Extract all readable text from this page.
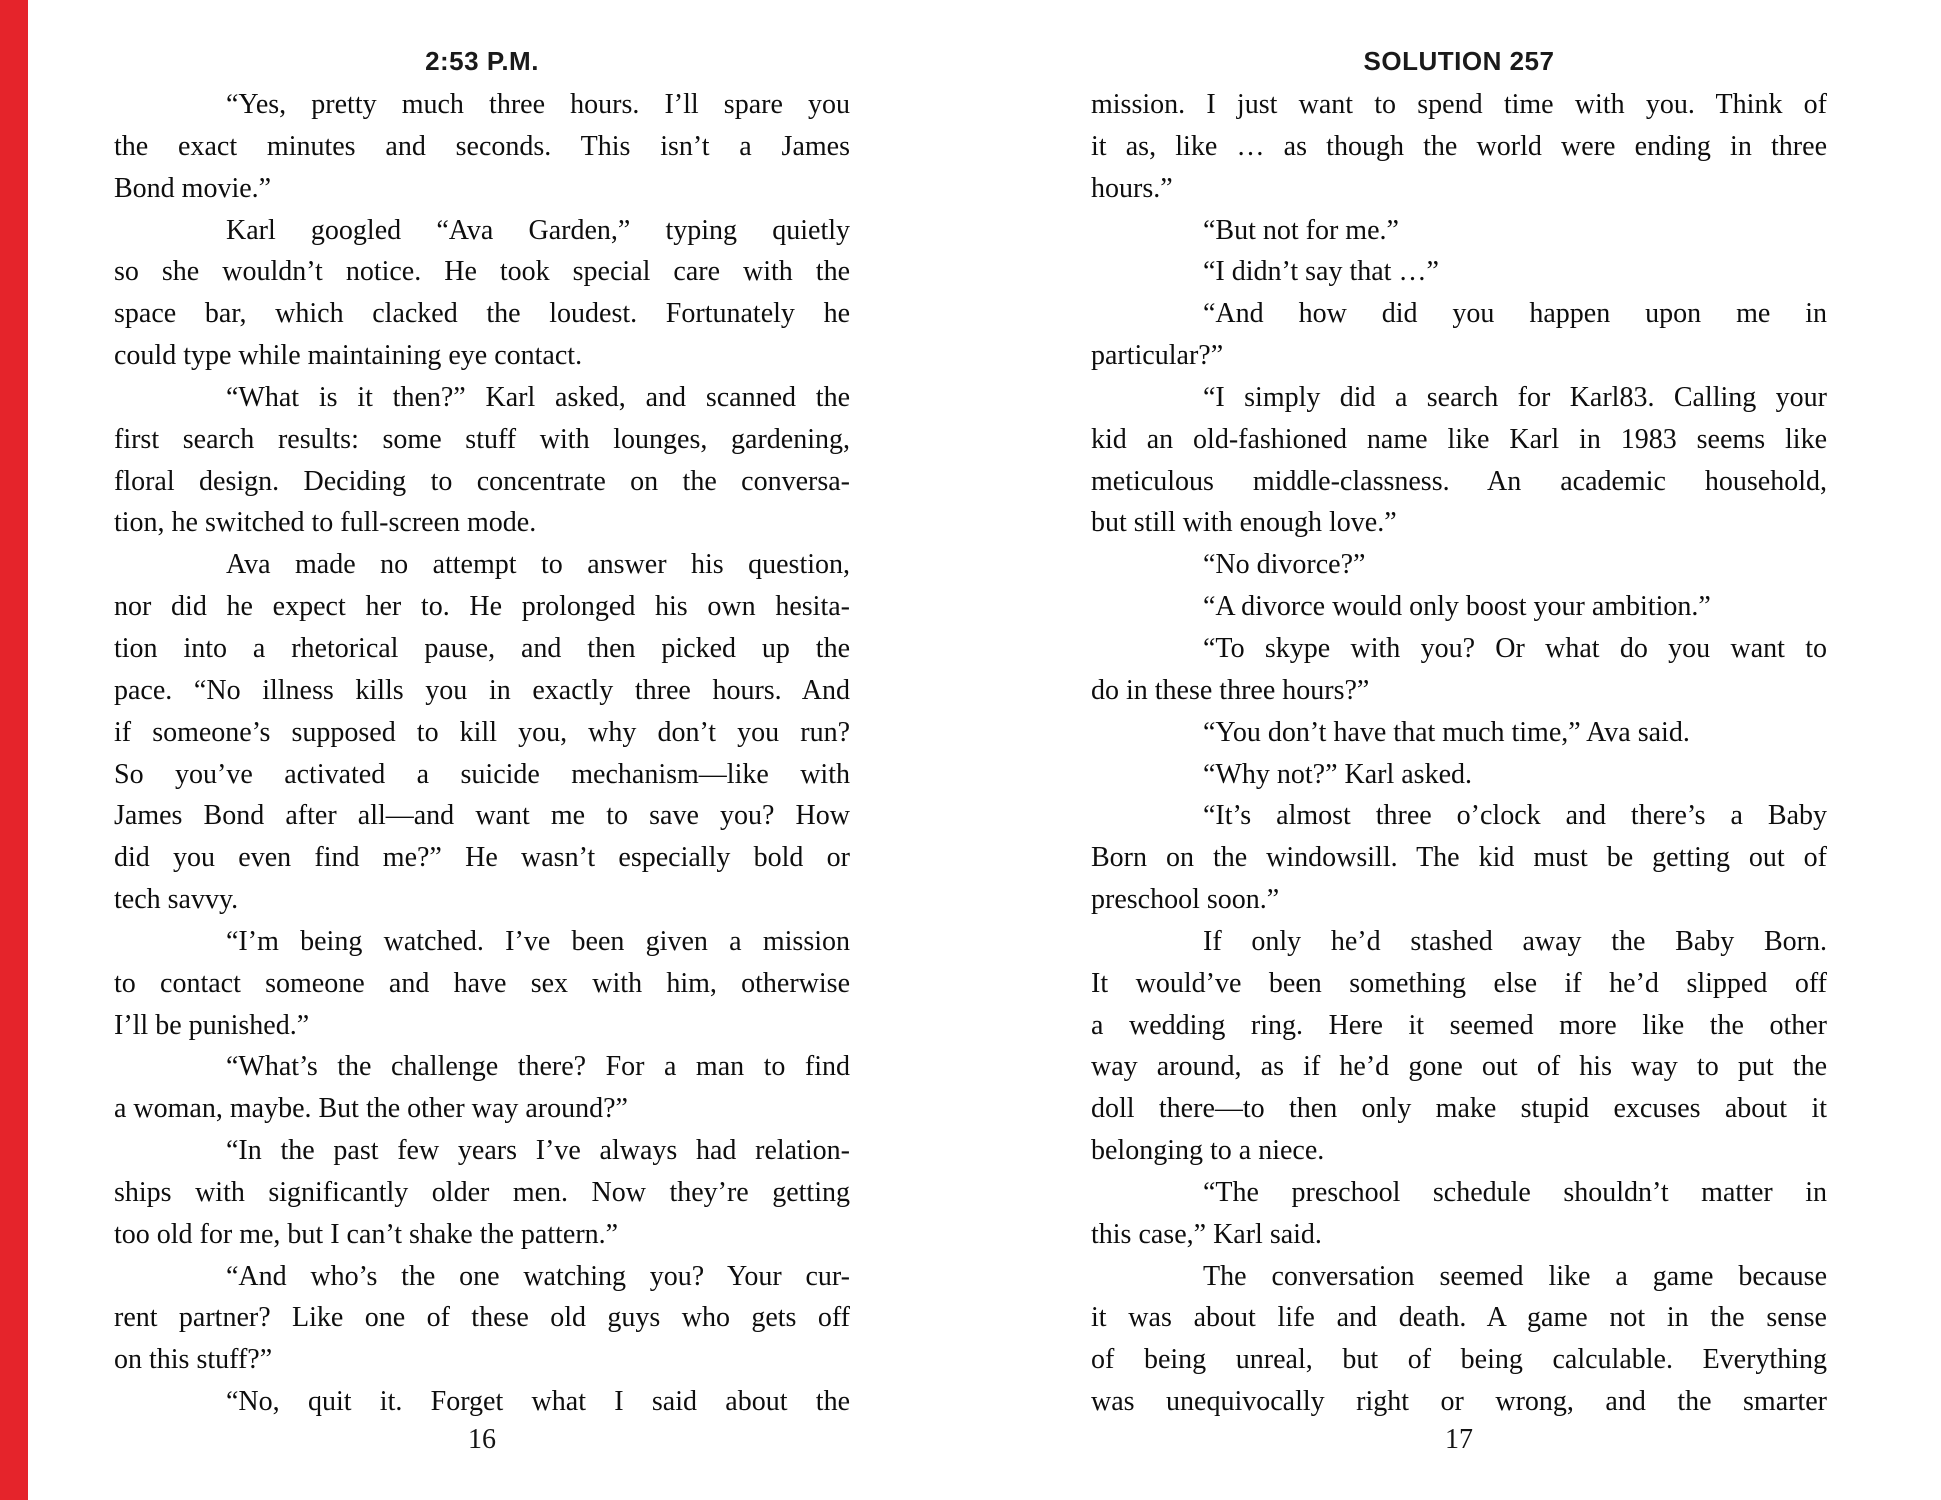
2:53 P.M.
“Yes, pretty much three hours. I’ll spare you
the exact minutes and seconds. This isn’t a James
Bond movie.”
Karl googled “Ava Garden,” typing quietly
so she wouldn’t notice. He took special care with the
space bar, which clacked the loudest. Fortunately he
could type while maintaining eye contact.
“What is it then?” Karl asked, and scanned the
first search results: some stuff with lounges, gardening,
floral design. Deciding to concentrate on the conversa-
tion, he switched to full-screen mode.
Ava made no attempt to answer his question,
nor did he expect her to. He prolonged his own hesita-
tion into a rhetorical pause, and then picked up the
pace. “No illness kills you in exactly three hours. And
if someone’s supposed to kill you, why don’t you run?
So you’ve activated a suicide mechanism—like with
James Bond after all—and want me to save you? How
did you even find me?” He wasn’t especially bold or
tech savvy.
“I’m being watched. I’ve been given a mission
to contact someone and have sex with him, otherwise
I’ll be punished.”
“What’s the challenge there? For a man to find
a woman, maybe. But the other way around?”
“In the past few years I’ve always had relation-
ships with significantly older men. Now they’re getting
too old for me, but I can’t shake the pattern.”
“And who’s the one watching you? Your cur-
rent partner? Like one of these old guys who gets off
on this stuff?”
“No, quit it. Forget what I said about the
16
SOLUTION 257
mission. I just want to spend time with you. Think of
it as, like … as though the world were ending in three
hours.”
“But not for me.”
“I didn’t say that …”
“And how did you happen upon me in
particular?”
“I simply did a search for Karl83. Calling your
kid an old-fashioned name like Karl in 1983 seems like
meticulous middle-classness. An academic household,
but still with enough love.”
“No divorce?”
“A divorce would only boost your ambition.”
“To skype with you? Or what do you want to
do in these three hours?”
“You don’t have that much time,” Ava said.
“Why not?” Karl asked.
“It’s almost three o’clock and there’s a Baby
Born on the windowsill. The kid must be getting out of
preschool soon.”
If only he’d stashed away the Baby Born.
It would’ve been something else if he’d slipped off
a wedding ring. Here it seemed more like the other
way around, as if he’d gone out of his way to put the
doll there—to then only make stupid excuses about it
belonging to a niece.
“The preschool schedule shouldn’t matter in
this case,” Karl said.
The conversation seemed like a game because
it was about life and death. A game not in the sense
of being unreal, but of being calculable. Everything
was unequivocally right or wrong, and the smarter
17
